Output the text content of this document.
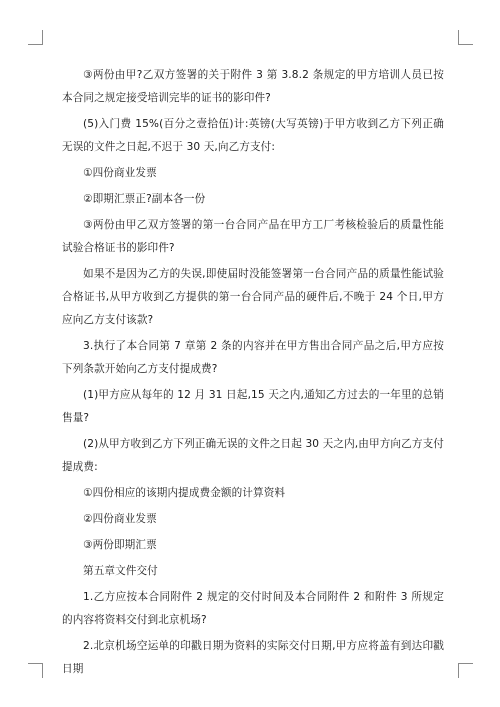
③两份由甲?乙双方签署的关于附件 3 第 3.8.2 条规定的甲方培训人员已按本合同之规定接受培训完毕的证书的影印件?

(5)入门费 15%(百分之壹拾伍)计:英镑(大写英镑)于甲方收到乙方下列正确无误的文件之日起,不迟于 30 天,向乙方支付:

①四份商业发票

②即期汇票正?副本各一份

③两份由甲乙双方签署的第一台合同产品在甲方工厂考核检验后的质量性能试验合格证书的影印件?

如果不是因为乙方的失误,即使届时没能签署第一台合同产品的质量性能试验合格证书,从甲方收到乙方提供的第一台合同产品的硬件后,不晚于 24 个日,甲方应向乙方支付该款?

3.执行了本合同第 7 章第 2 条的内容并在甲方售出合同产品之后,甲方应按下列条款开始向乙方支付提成费?

(1)甲方应从每年的 12 月 31 日起,15 天之内,通知乙方过去的一年里的总销售量?

(2)从甲方收到乙方下列正确无误的文件之日起 30 天之内,由甲方向乙方支付提成费:

①四份相应的该期内提成费金额的计算资料

②四份商业发票

③两份即期汇票

第五章文件交付

1.乙方应按本合同附件 2 规定的交付时间及本合同附件 2 和附件 3 所规定的内容将资料交付到北京机场?

2.北京机场空运单的印戳日期为资料的实际交付日期,甲方应将盖有到达印戳日期
